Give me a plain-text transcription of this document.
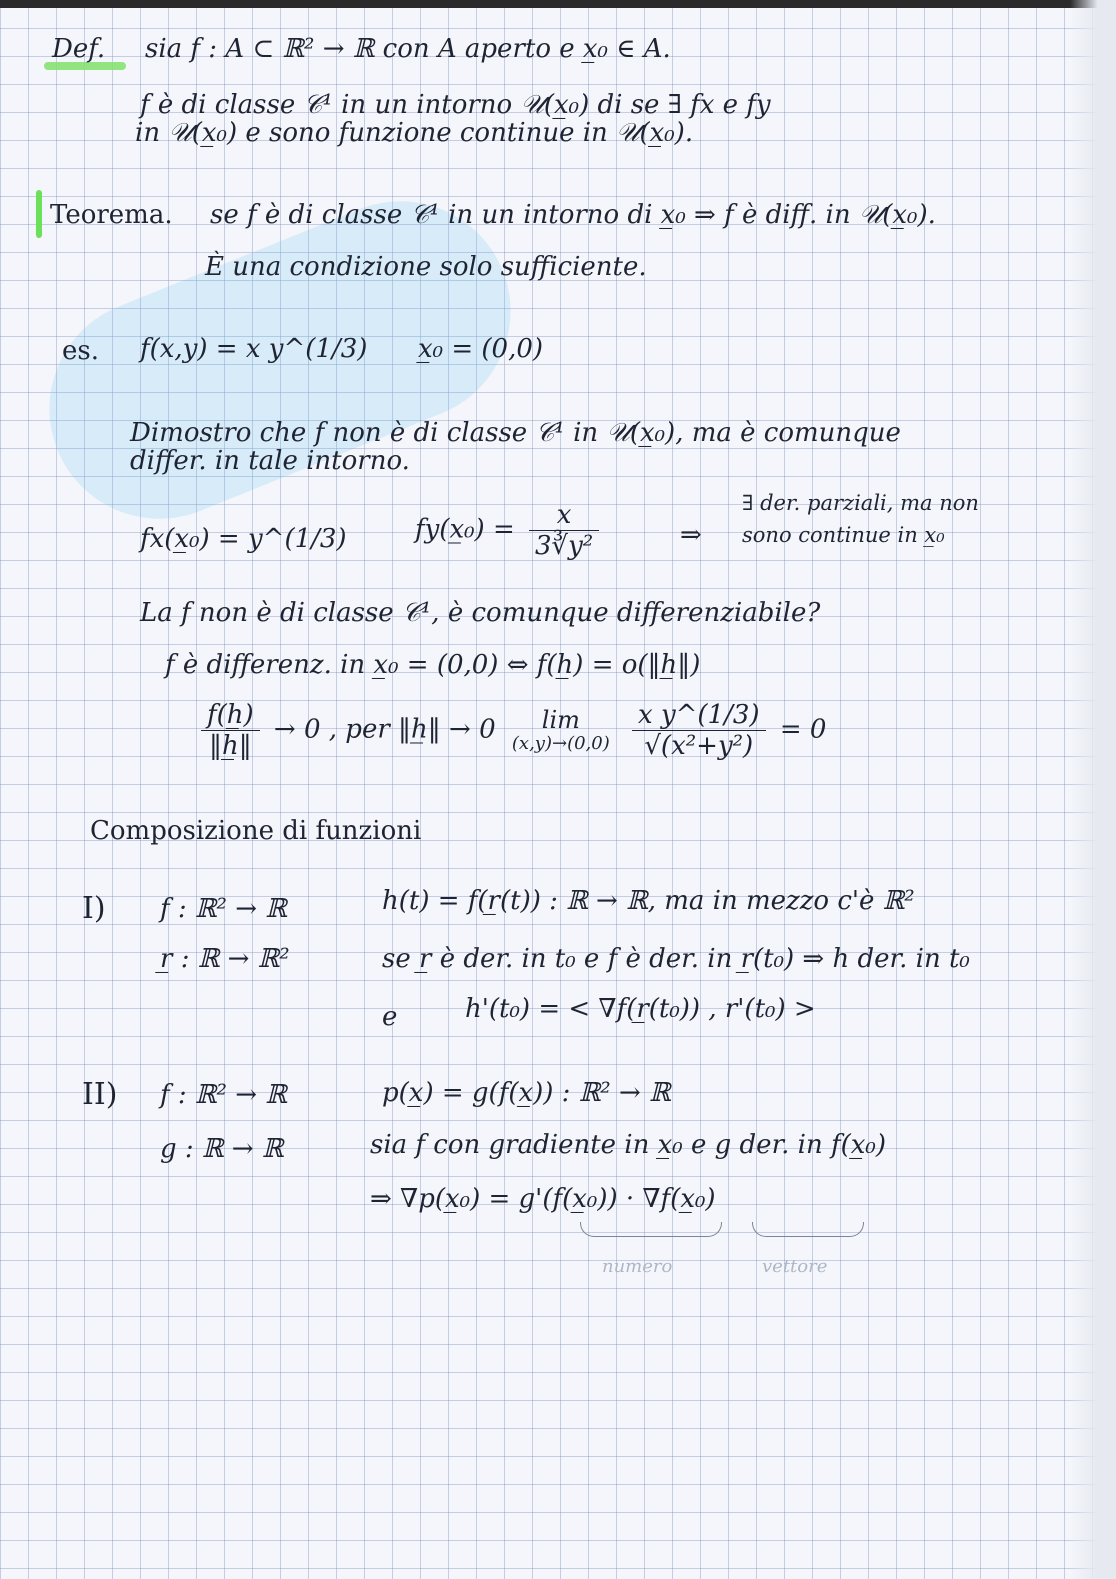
Def. sia f : A ⊂ ℝ² → ℝ con A aperto e x̲₀ ∈ A.
f è di classe 𝒞¹ in un intorno 𝒰(x̲₀) di se ∃ fx e fy
in 𝒰(x̲₀) e sono funzione continue in 𝒰(x̲₀).
Teorema. se f è di classe 𝒞¹ in un intorno di x̲₀ ⇒ f è diff. in 𝒰(x̲₀).
È una condizione solo sufficiente.
es. f(x,y) = x y^(1/3) x̲₀ = (0,0)
Dimostro che f non è di classe 𝒞¹ in 𝒰(x̲₀), ma è comunque
differ. in tale intorno.
fx(x̲₀) = y^(1/3)	fy(x̲₀) = $\frac{x}{\text{3∛y²}}$	⇒
∃ der. parziali, ma non
sono continue in x̲₀
La f non è di classe 𝒞¹, è comunque differenziabile?
f è differenz. in x̲₀ = (0,0) ⇔ f(h̲) = o(‖h̲‖)
$\frac{f(h̲)}{‖h̲‖} \to 0$ , per ‖h̲‖ → 0	lim
(x,y)→(0,0)
$\frac{\text{x y\textasciicircum{}(1/3)}}{\text{√(x²+y²)}} = 0$
Composizione di funzioni
I) f : ℝ² → ℝ
r̲ : ℝ → ℝ²
h(t) = f(r̲(t)) : ℝ → ℝ, ma in mezzo c'è ℝ²
se r̲ è der. in t₀ e f è der. in r̲(t₀) ⇒ h der. in t₀
e	h'(t₀) = < ∇f(r̲(t₀)) , r'(t₀) >
II) f : ℝ² → ℝ
g : ℝ → ℝ
p(x̲) = g(f(x̲)) : ℝ² → ℝ
sia f con gradiente in x̲₀ e g der. in f(x̲₀)
⇒ ∇p(x̲₀) = g'(f(x̲₀)) · ∇f(x̲₀)
numero	vettore
